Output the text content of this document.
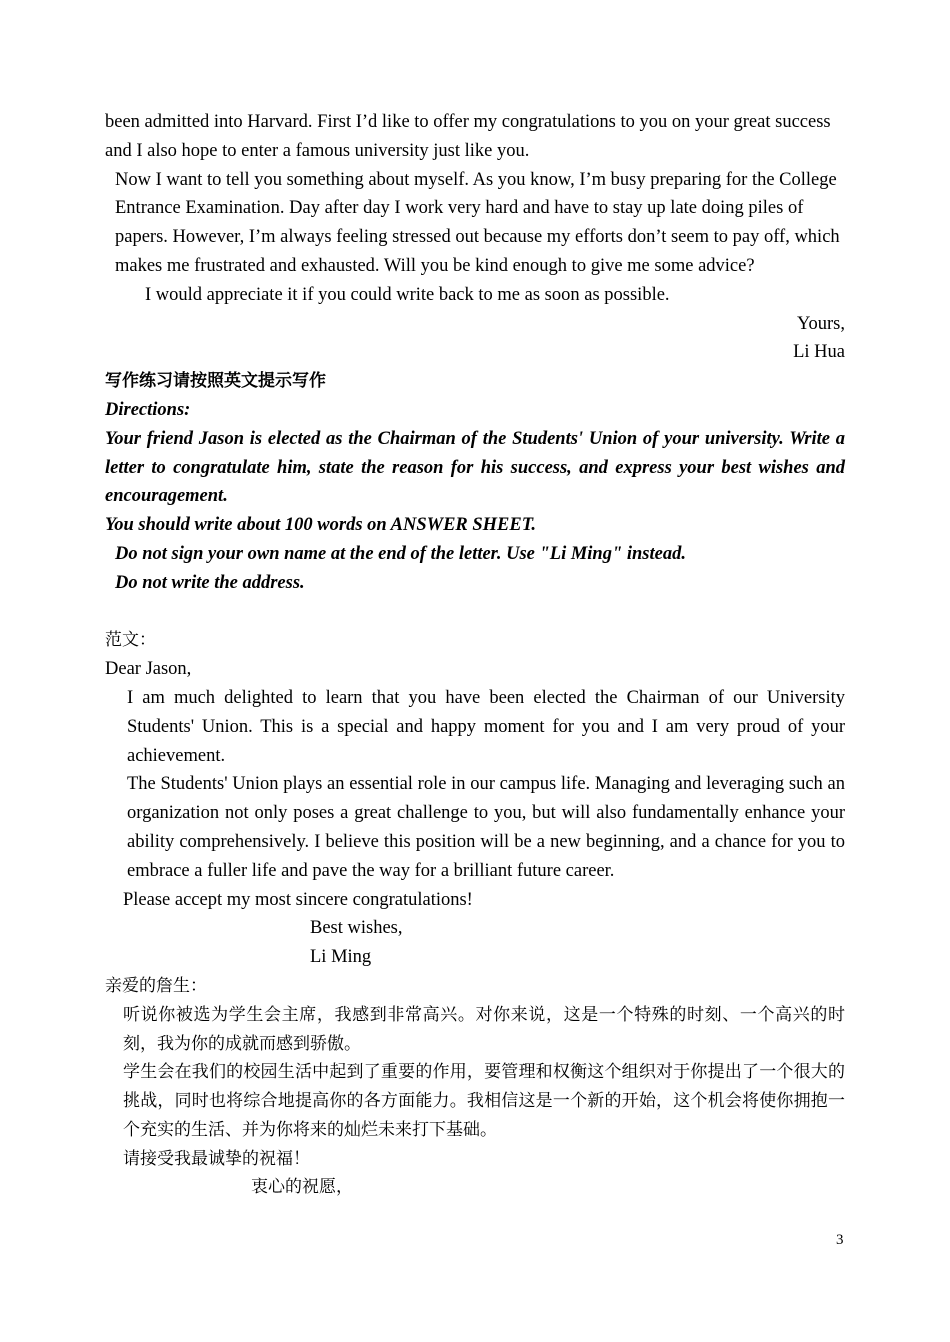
been admitted into Harvard. First I’d like to offer my congratulations to you on your great success and I also hope to enter a famous university just like you.

Now I want to tell you something about myself. As you know, I’m busy preparing for the College Entrance Examination. Day after day I work very hard and have to stay up late doing piles of papers. However, I’m always feeling stressed out because my efforts don’t seem to pay off, which makes me frustrated and exhausted. Will you be kind enough to give me some advice?

I would appreciate it if you could write back to me as soon as possible.

Yours,

Li Hua

写作练习请按照英文提示写作

Directions:

Your friend Jason is elected as the Chairman of the Students' Union of your university. Write a letter to congratulate him, state the reason for his success, and express your best wishes and encouragement.

You should write about 100 words on ANSWER SHEET.

Do not sign your own name at the end of the letter. Use "Li Ming" instead.

Do not write the address.

范文：

Dear Jason,

I am much delighted to learn that you have been elected the Chairman of our University Students' Union. This is a special and happy moment for you and I am very proud of your achievement.

The Students' Union plays an essential role in our campus life. Managing and leveraging such an organization not only poses a great challenge to you, but will also fundamentally enhance your ability comprehensively. I believe this position will be a new beginning, and a chance for you to embrace a fuller life and pave the way for a brilliant future career.

Please accept my most sincere congratulations!

Best wishes,

Li Ming

亲爱的詹生：

听说你被选为学生会主席，我感到非常高兴。对你来说，这是一个特殊的时刻、一个高兴的时刻，我为你的成就而感到骄傲。

学生会在我们的校园生活中起到了重要的作用，要管理和权衡这个组织对于你提出了一个很大的挑战，同时也将综合地提高你的各方面能力。我相信这是一个新的开始，这个机会将使你拥抱一个充实的生活、并为你将来的灿烂未来打下基础。

请接受我最诚挚的祝福！

衷心的祝愿，

3
